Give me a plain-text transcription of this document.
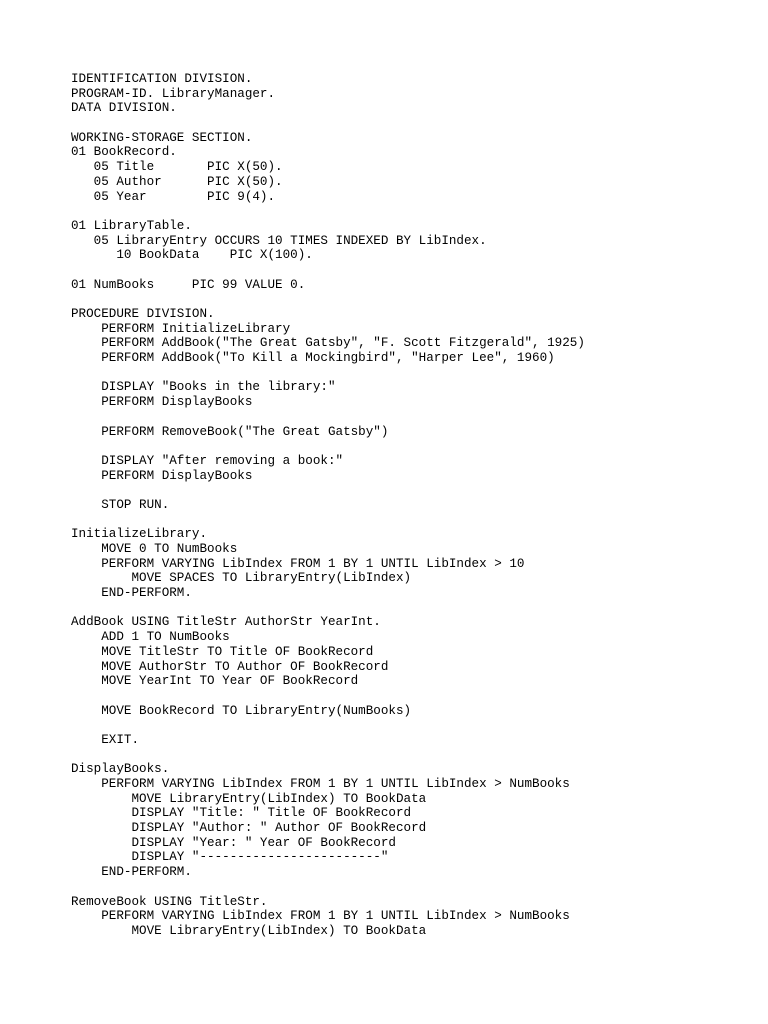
IDENTIFICATION DIVISION.
PROGRAM-ID. LibraryManager.
DATA DIVISION.
WORKING-STORAGE SECTION.
01 BookRecord.
05 Title       PIC X(50).
05 Author      PIC X(50).
05 Year        PIC 9(4).
01 LibraryTable.
05 LibraryEntry OCCURS 10 TIMES INDEXED BY LibIndex.
10 BookData    PIC X(100).
01 NumBooks     PIC 99 VALUE 0.
PROCEDURE DIVISION.
PERFORM InitializeLibrary
PERFORM AddBook("The Great Gatsby", "F. Scott Fitzgerald", 1925)
PERFORM AddBook("To Kill a Mockingbird", "Harper Lee", 1960)
DISPLAY "Books in the library:"
PERFORM DisplayBooks
PERFORM RemoveBook("The Great Gatsby")
DISPLAY "After removing a book:"
PERFORM DisplayBooks
STOP RUN.
InitializeLibrary.
MOVE 0 TO NumBooks
PERFORM VARYING LibIndex FROM 1 BY 1 UNTIL LibIndex > 10
MOVE SPACES TO LibraryEntry(LibIndex)
END-PERFORM.
AddBook USING TitleStr AuthorStr YearInt.
ADD 1 TO NumBooks
MOVE TitleStr TO Title OF BookRecord
MOVE AuthorStr TO Author OF BookRecord
MOVE YearInt TO Year OF BookRecord
MOVE BookRecord TO LibraryEntry(NumBooks)
EXIT.
DisplayBooks.
PERFORM VARYING LibIndex FROM 1 BY 1 UNTIL LibIndex > NumBooks
MOVE LibraryEntry(LibIndex) TO BookData
DISPLAY "Title: " Title OF BookRecord
DISPLAY "Author: " Author OF BookRecord
DISPLAY "Year: " Year OF BookRecord
DISPLAY "------------------------"
END-PERFORM.
RemoveBook USING TitleStr.
PERFORM VARYING LibIndex FROM 1 BY 1 UNTIL LibIndex > NumBooks
MOVE LibraryEntry(LibIndex) TO BookData
